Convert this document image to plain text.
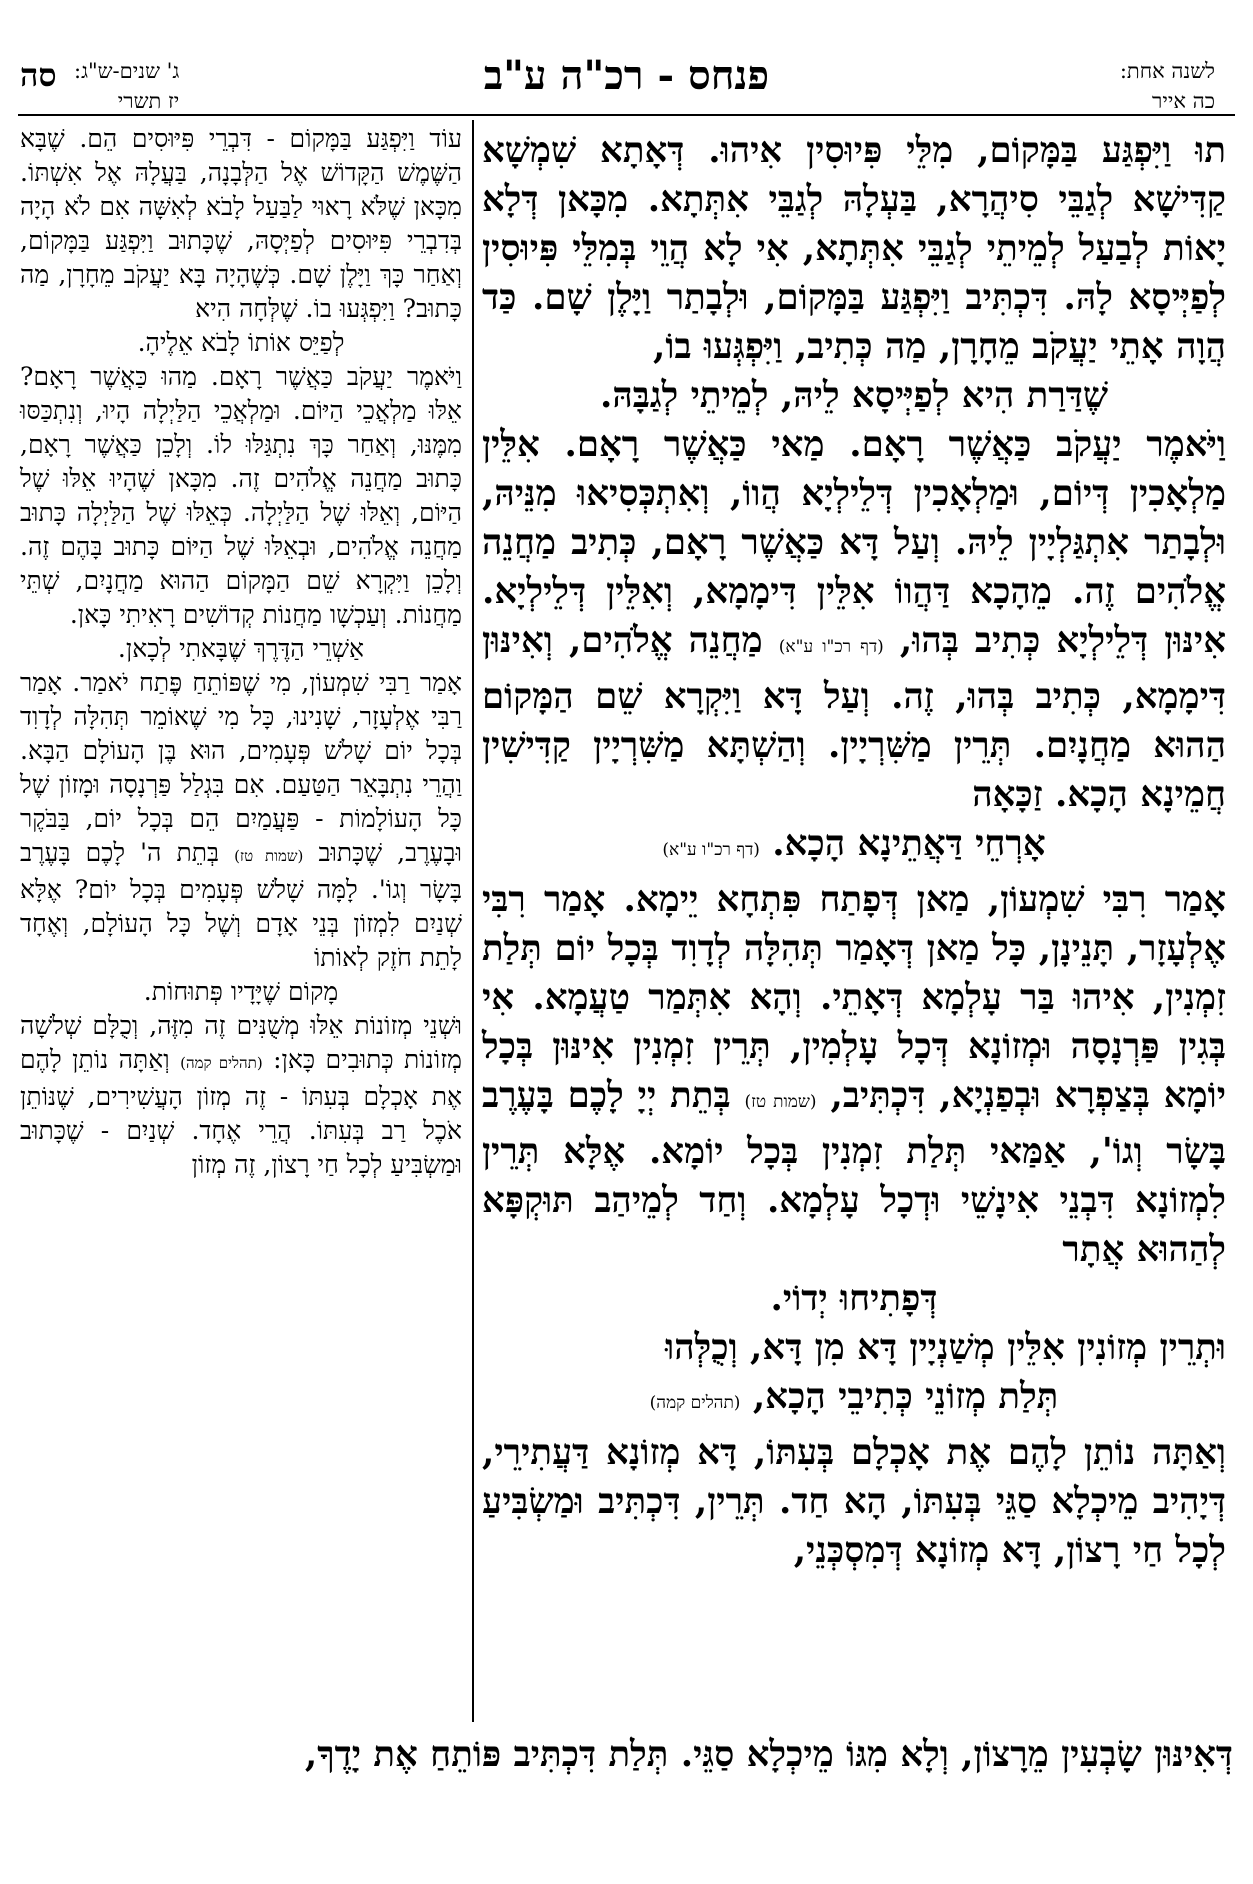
לשנה אחת:
כה אייר
פנחס - רכ"ה ע"ב
ג' שנים-ש"ג:
יז תשרי
סה

תוּ וַיִּפְגַּע בַּמָּקוֹם, מִלֵּי פִּיוּסִין אִיהוּ. דְּאָתָא שִׁמְשָׁא קַדִּישָׁא לְגַבֵּי סִיהֲרָא, בַּעְלָהּ לְגַבֵּי אִתְּתָא. מִכָּאן דְּלָא יָאוֹת לְבַעַל לְמֵיתֵי לְגַבֵּי אִתְּתָא, אִי לָא הֲוֵי בְּמִלֵּי פִּיוּסִין לְפַיְּיסָא לָהּ. דִּכְתִּיב וַיִּפְגַּע בַּמָּקוֹם, וּלְבָתַר וַיָּלֶן שָׁם. כַּד הֲוָה אָתֵי יַעֲקֹב מֵחָרָן, מַה כְּתִיב, וַיִּפְגְּעוּ בוֹ,

שֶׁדַּרַת הִיא לְפַיְּיסָא לֵיהּ, לְמֵיתֵי לְגַבָּהּ.

וַיֹּאמֶר יַעֲקֹב כַּאֲשֶׁר רָאָם. מַאי כַּאֲשֶׁר רָאָם. אִלֵּין מַלְאָכִין דְּיוֹם, וּמַלְאָכִין דְּלֵילְיָא הֲווֹ, וְאִתְכְּסִיאוּ מִנֵּיהּ, וּלְבָתַר אִתְגַּלְיָין לֵיהּ. וְעַל דָּא כַּאֲשֶׁר רָאָם, כְּתִיב מַחֲנֵה אֱלֹהִים זֶה. מֵהָכָא דַּהֲווֹ אִלֵּין דִּימָמָא, וְאִלֵּין דְּלֵילְיָא. אִינּוּן דְּלֵילְיָא כְּתִיב בְּהוּ, (דף רכ"ו ע"א) מַחֲנֵה אֱלֹהִים, וְאִינּוּן דִּימָמָא, כְּתִיב בְּהוּ, זֶה. וְעַל דָּא וַיִּקְרָא שֵׁם הַמָּקוֹם הַהוּא מַחֲנָיִם. תְּרֵין מַשִּׁרְיָין. וְהַשְׁתָּא מַשִּׁרְיָין קַדִּישִׁין חֲמֵינָא הָכָא. זַכָּאָה

אָרְחֵי דַּאֲתֵינָא הָכָא. (דף רכ"ו ע"א)

אָמַר רִבִּי שִׁמְעוֹן, מַאן דְּפָתַח פִּתְחָא יֵימָא. אָמַר רִבִּי אֶלְעָזָר, תָּנֵינָן, כָּל מַאן דְּאָמַר תְּהִלָּה לְדָוִד בְּכָל יוֹם תְּלַת זִמְנִין, אִיהוּ בַּר עָלְמָא דְּאָתֵי. וְהָא אִתְּמַר טַעֲמָא. אִי בְּגִין פַּרְנָסָה וּמְזוֹנָא דְּכָל עָלְמִין, תְּרֵין זִמְנִין אִינּוּן בְּכָל יוֹמָא בְּצַפְרָא וּבְפַנְיָא, דִּכְתִּיב, (שמות טז) בְּתֵת יְיָ לָכֶם בָּעֶרֶב בָּשָׂר וְגוֹ', אַמַּאי תְּלַת זִמְנִין בְּכָל יוֹמָא. אֶלָּא תְּרֵין לִמְזוֹנָא דִּבְנֵי אִינָשֵׁי וּדְכָל עָלְמָא. וְחַד לְמֵיהַב תּוּקְפָּא לְהַהוּא אֲתָר

דְּפָתִיחוּ יְדוֹי.

וּתְרֵין מְזוֹנִין אִלֵּין מְשַׁנְיָין דָּא מִן דָּא, וְכֻלְּהוּ

תְּלַת מְזוֹנֵי כְּתִיבֵי הָכָא, (תהלים קמה)

וְאַתָּה נוֹתֵן לָהֶם אֶת אָכְלָם בְּעִתּוֹ, דָּא מְזוֹנָא דַּעֲתִירֵי, דְּיָהִיב מֵיכְלָא סַגֵּי בְּעִתּוֹ, הָא חַד. תְּרֵין, דִּכְתִּיב וּמַשְׂבִּיעַ לְכָל חַי רָצוֹן, דָּא מְזוֹנָא דְּמִסְכְּנֵי,

עוֹד וַיִּפְגַּע בַּמָּקוֹם - דִּבְרֵי פִּיּוּסִים הֵם. שֶׁבָּא הַשֶּׁמֶשׁ הַקָּדוֹשׁ אֶל הַלְּבָנָה, בַּעֲלָהּ אֶל אִשְׁתּוֹ. מִכָּאן שֶׁלֹּא רָאוּי לַבַּעַל לָבֹא לְאִשָּׁה אִם לֹא הָיָה בְּדִבְרֵי פִּיּוּסִים לְפַיְּסָהּ, שֶׁכָּתוּב וַיִּפְגַּע בַּמָּקוֹם, וְאַחַר כָּךְ וַיָּלֶן שָׁם. כְּשֶׁהָיָה בָּא יַעֲקֹב מֵחָרָן, מַה כָּתוּב? וַיִּפְגְּעוּ בוֹ. שֶׁלְּחָה הִיא

לְפַיֵּס אוֹתוֹ לָבֹא אֵלֶיהָ.

וַיֹּאמֶר יַעֲקֹב כַּאֲשֶׁר רָאָם. מַהוּ כַּאֲשֶׁר רָאָם? אֵלּוּ מַלְאֲכֵי הַיּוֹם. וּמַלְאֲכֵי הַלַּיְלָה הָיוּ, וְנִתְכַּסּוּ מִמֶּנּוּ, וְאַחַר כָּךְ נִתְגַּלּוּ לוֹ. וְלָכֵן כַּאֲשֶׁר רָאָם, כָּתוּב מַחֲנֵה אֱלֹהִים זֶה. מִכָּאן שֶׁהָיוּ אֵלּוּ שֶׁל הַיּוֹם, וְאֵלּוּ שֶׁל הַלַּיְלָה. כְּאֵלּוּ שֶׁל הַלַּיְלָה כָּתוּב מַחֲנֵה אֱלֹהִים, וּבְאֵלּוּ שֶׁל הַיּוֹם כָּתוּב בָּהֶם זֶה. וְלָכֵן וַיִּקְרָא שֵׁם הַמָּקוֹם הַהוּא מַחֲנָיִם, שְׁתֵּי מַחֲנוֹת. וְעַכְשָׁו מַחֲנוֹת קְדוֹשִׁים רָאִיתִי כָּאן.

אַשְׁרֵי הַדֶּרֶךְ שֶׁבָּאתִי לְכָאן.

אָמַר רַבִּי שִׁמְעוֹן, מִי שֶׁפּוֹתֵחַ פֶּתַח יֹאמַר. אָמַר רַבִּי אֶלְעָזָר, שָׁנִינוּ, כָּל מִי שֶׁאוֹמֵר תְּהִלָּה לְדָוִד בְּכָל יוֹם שָׁלֹשׁ פְּעָמִים, הוּא בֶּן הָעוֹלָם הַבָּא. וַהֲרֵי נִתְבָּאֵר הַטַּעַם. אִם בִּגְלַל פַּרְנָסָה וּמָזוֹן שֶׁל כָּל הָעוֹלָמוֹת - פַּעֲמַיִם הֵם בְּכָל יוֹם, בַּבֹּקֶר וּבָעֶרֶב, שֶׁכָּתוּב (שמות טז) בְּתֵת ה' לָכֶם בָּעֶרֶב בָּשָׂר וְגוֹ'. לָמָּה שָׁלֹשׁ פְּעָמִים בְּכָל יוֹם? אֶלָּא שְׁנַיִם לִמְזוֹן בְּנֵי אָדָם וְשֶׁל כָּל הָעוֹלָם, וְאֶחָד לָתֵת חֹזֶק לְאוֹתוֹ

מָקוֹם שֶׁיָּדָיו פְּתוּחוֹת.

וּשְׁנֵי מְזוֹנוֹת אֵלּוּ מְשֻׁנִּים זֶה מִזֶּה, וְכֻלָּם שְׁלֹשָׁה מְזוֹנוֹת כְּתוּבִים כָּאן: (תהלים קמה) וְאַתָּה נוֹתֵן לָהֶם אֶת אָכְלָם בְּעִתּוֹ - זֶה מְזוֹן הָעֲשִׁירִים, שֶׁנּוֹתֵן אֹכֶל רַב בְּעִתּוֹ. הֲרֵי אֶחָד. שְׁנַיִם - שֶׁכָּתוּב וּמַשְׂבִּיעַ לְכָל חַי רָצוֹן, זֶה מְזוֹן

דְּאִינּוּן שָׂבְעִין מֵרָצוֹן, וְלָא מִגּוֹ מֵיכְלָא סַגֵּי. תְּלַת דִּכְתִּיב פּוֹתֵחַ אֶת יָדֶךָ,
